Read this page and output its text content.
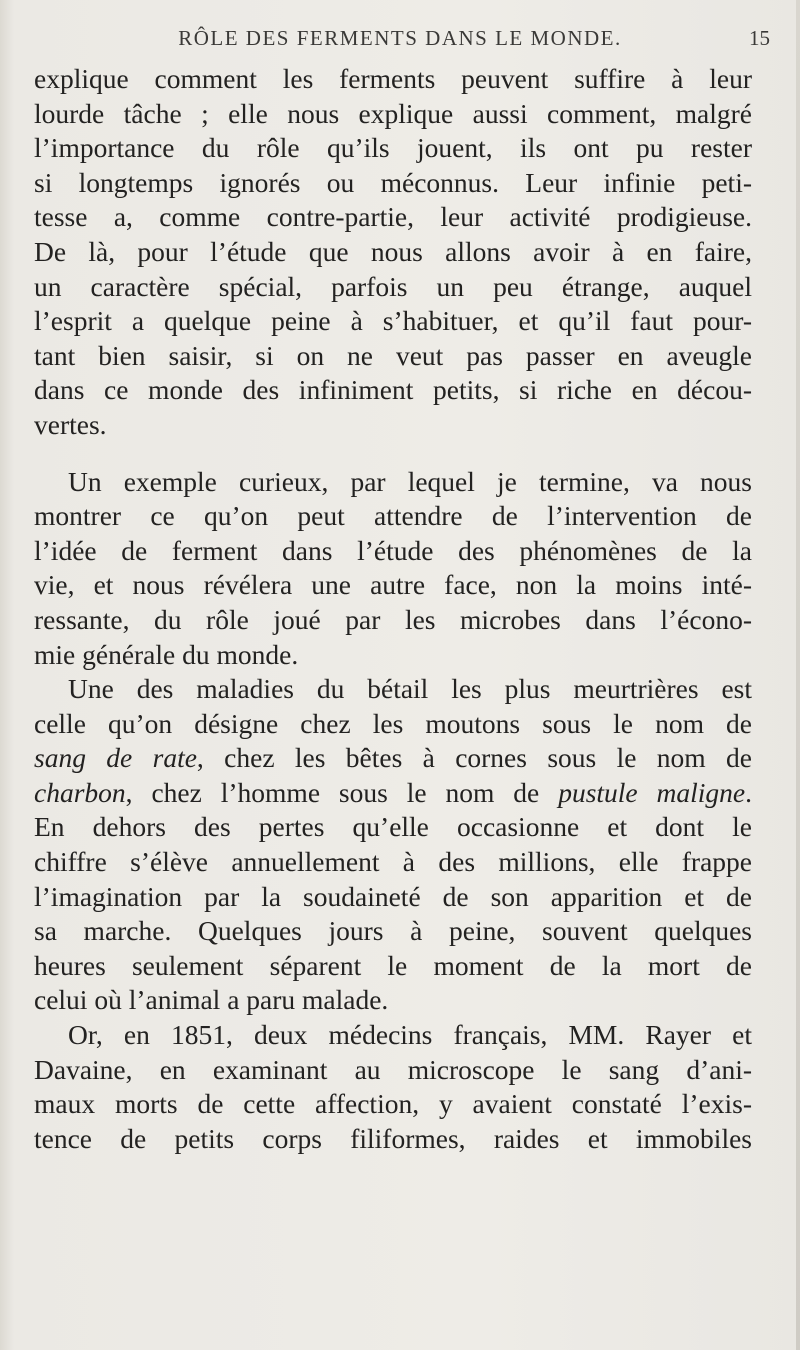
RÔLE DES FERMENTS DANS LE MONDE.	15

explique comment les ferments peuvent suffire à leur
lourde tâche ; elle nous explique aussi comment, malgré
l’importance du rôle qu’ils jouent, ils ont pu rester
si longtemps ignorés ou méconnus. Leur infinie peti-
tesse a, comme contre-partie, leur activité prodigieuse.
De là, pour l’étude que nous allons avoir à en faire,
un caractère spécial, parfois un peu étrange, auquel
l’esprit a quelque peine à s’habituer, et qu’il faut pour-
tant bien saisir, si on ne veut pas passer en aveugle
dans ce monde des infiniment petits, si riche en décou-
vertes.

Un exemple curieux, par lequel je termine, va nous
montrer ce qu’on peut attendre de l’intervention de
l’idée de ferment dans l’étude des phénomènes de la
vie, et nous révélera une autre face, non la moins inté-
ressante, du rôle joué par les microbes dans l’écono-
mie générale du monde.

Une des maladies du bétail les plus meurtrières est
celle qu’on désigne chez les moutons sous le nom de
sang de rate, chez les bêtes à cornes sous le nom de
charbon, chez l’homme sous le nom de pustule maligne.
En dehors des pertes qu’elle occasionne et dont le
chiffre s’élève annuellement à des millions, elle frappe
l’imagination par la soudaineté de son apparition et de
sa marche. Quelques jours à peine, souvent quelques
heures seulement séparent le moment de la mort de
celui où l’animal a paru malade.

Or, en 1851, deux médecins français, MM. Rayer et
Davaine, en examinant au microscope le sang d’ani-
maux morts de cette affection, y avaient constaté l’exis-
tence de petits corps filiformes, raides et immobiles
